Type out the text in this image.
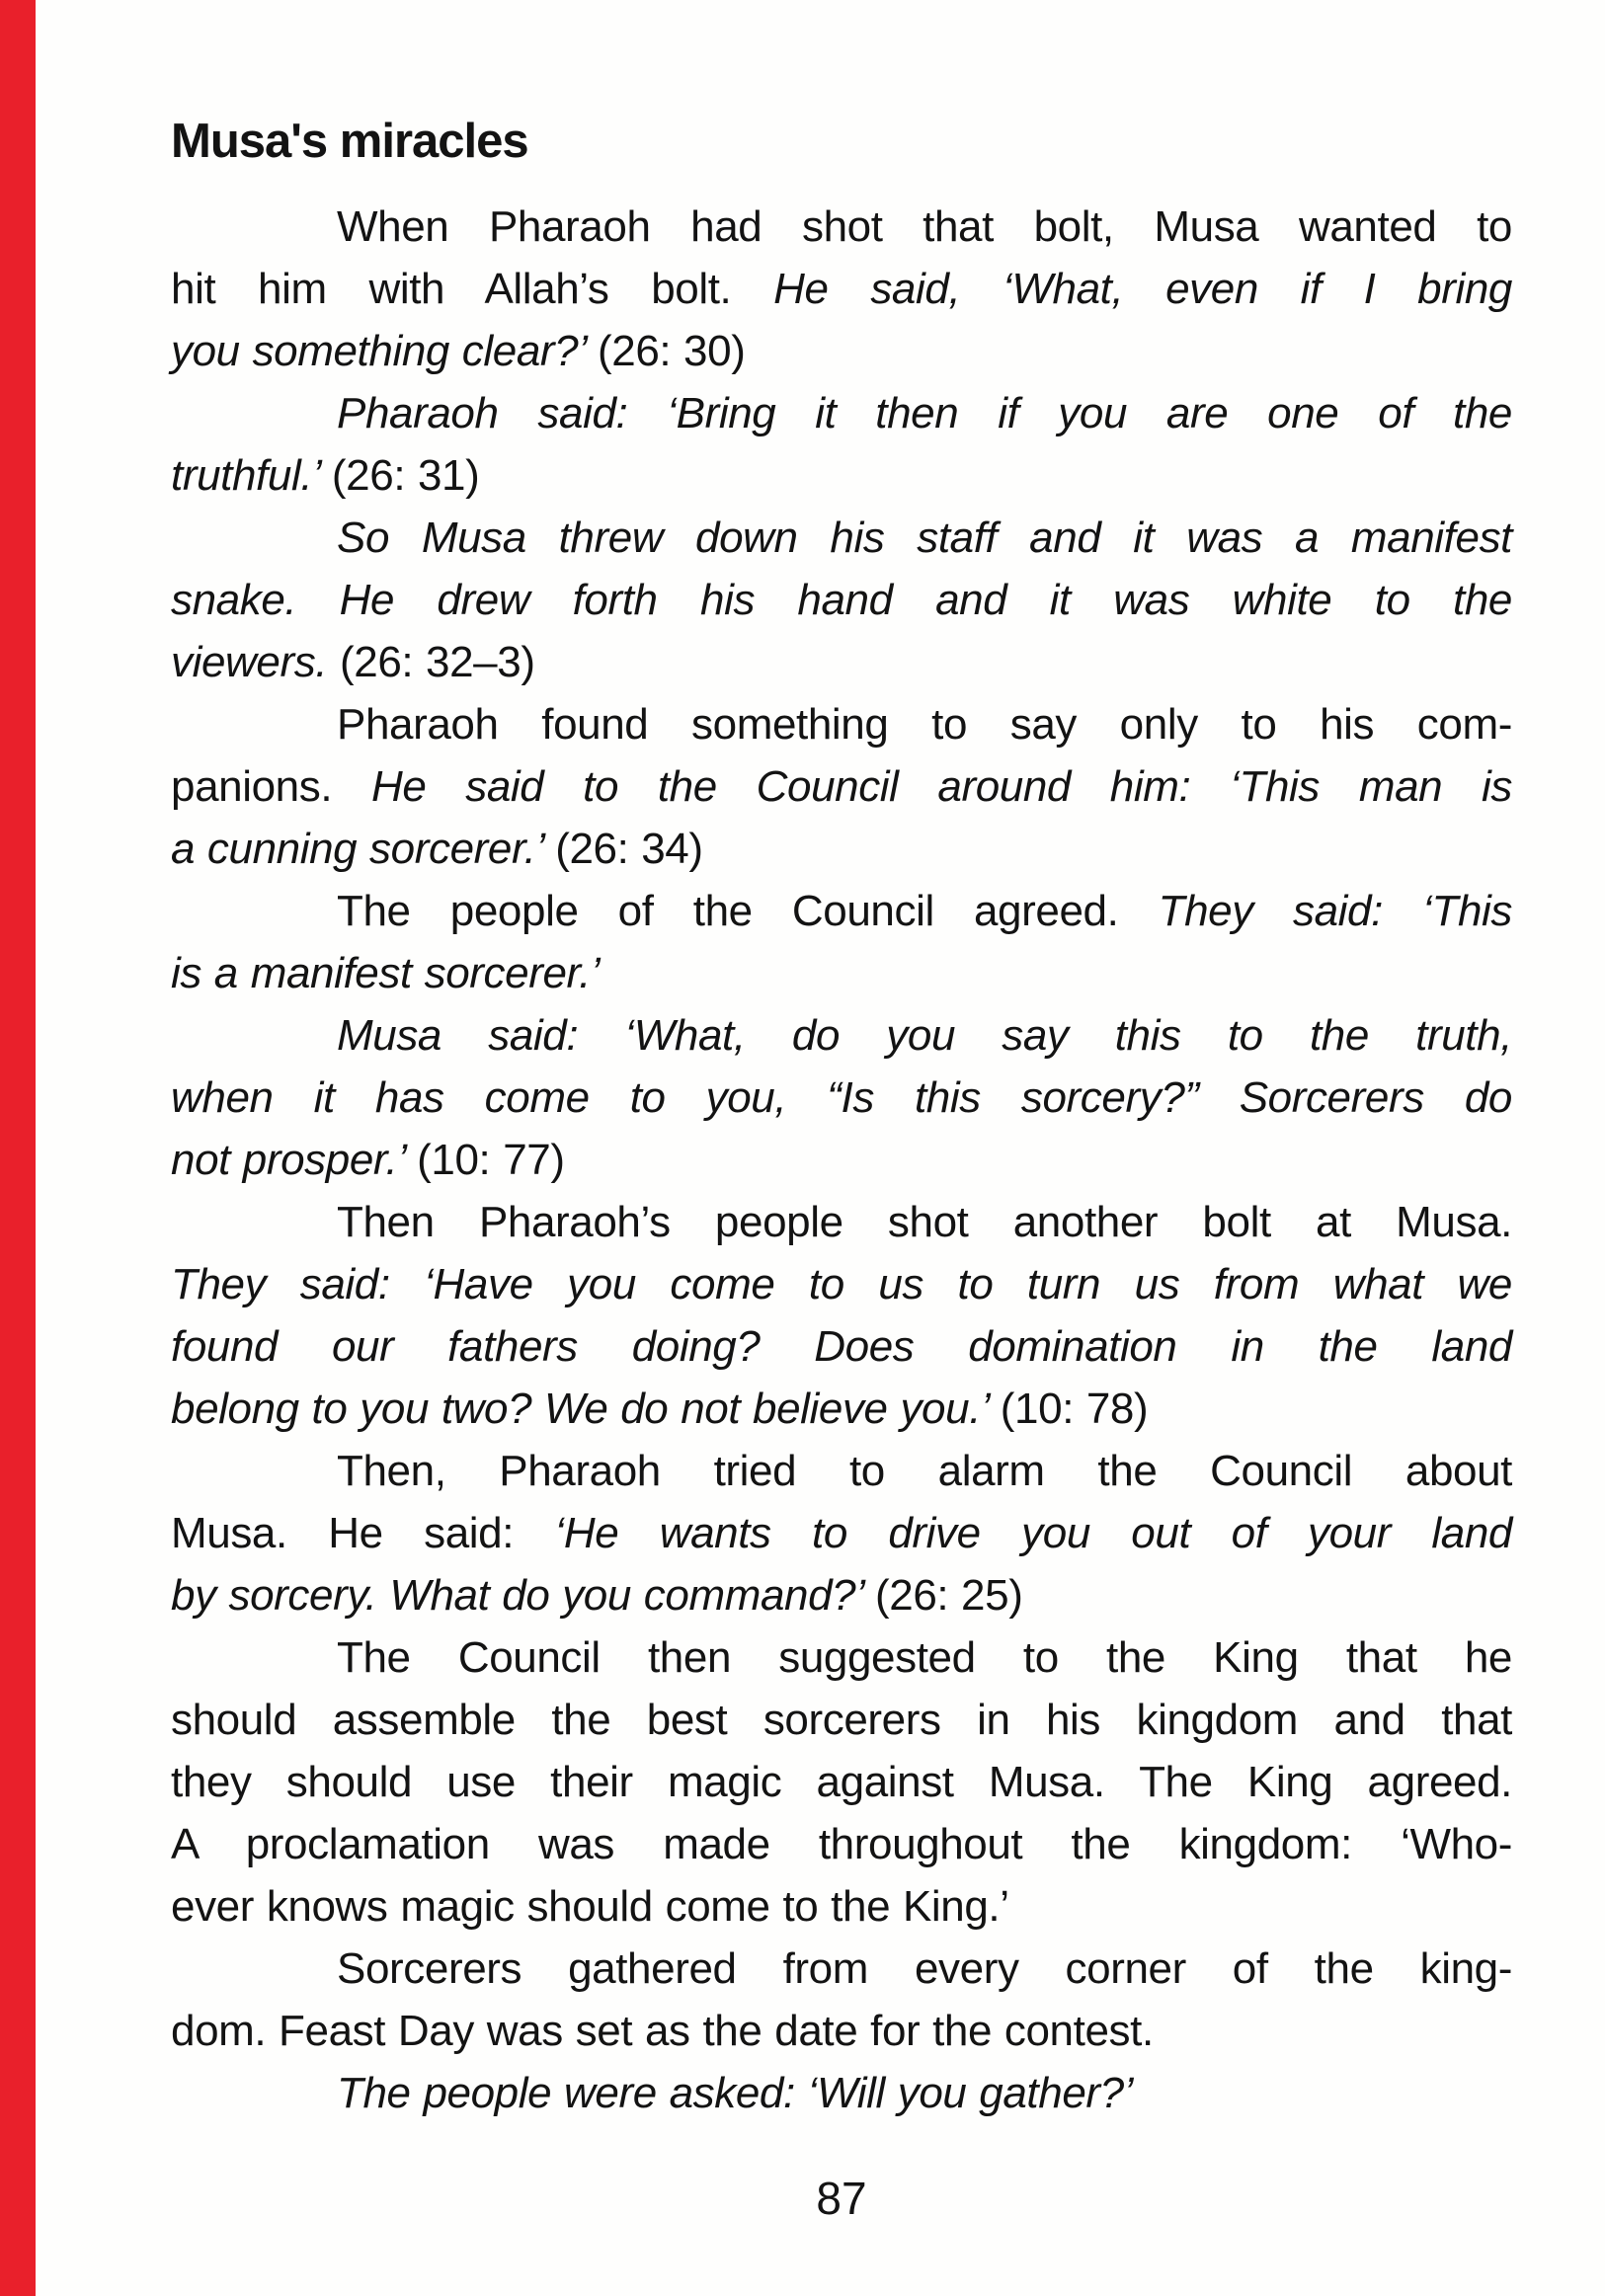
Musa's miracles
When Pharaoh had shot that bolt, Musa wanted to
hit him with Allah’s bolt. He said, ‘What, even if I bring
you something clear?’ (26: 30)
Pharaoh said: ‘Bring it then if you are one of the
truthful.’ (26: 31)
So Musa threw down his staff and it was a manifest
snake. He drew forth his hand and it was white to the
viewers. (26: 32–3)
Pharaoh found something to say only to his com-
panions. He said to the Council around him: ‘This man is
a cunning sorcerer.’ (26: 34)
The people of the Council agreed. They said: ‘This
is a manifest sorcerer.’
Musa said: ‘What, do you say this to the truth,
when it has come to you, “Is this sorcery?” Sorcerers do
not prosper.’ (10: 77)
Then Pharaoh’s people shot another bolt at Musa.
They said: ‘Have you come to us to turn us from what we
found our fathers doing? Does domination in the land
belong to you two? We do not believe you.’ (10: 78)
Then, Pharaoh tried to alarm the Council about
Musa. He said: ‘He wants to drive you out of your land
by sorcery. What do you command?’ (26: 25)
The Council then suggested to the King that he
should assemble the best sorcerers in his kingdom and that
they should use their magic against Musa. The King agreed.
A proclamation was made throughout the kingdom: ‘Who-
ever knows magic should come to the King.’
Sorcerers gathered from every corner of the king-
dom. Feast Day was set as the date for the contest.
The people were asked: ‘Will you gather?’
87
